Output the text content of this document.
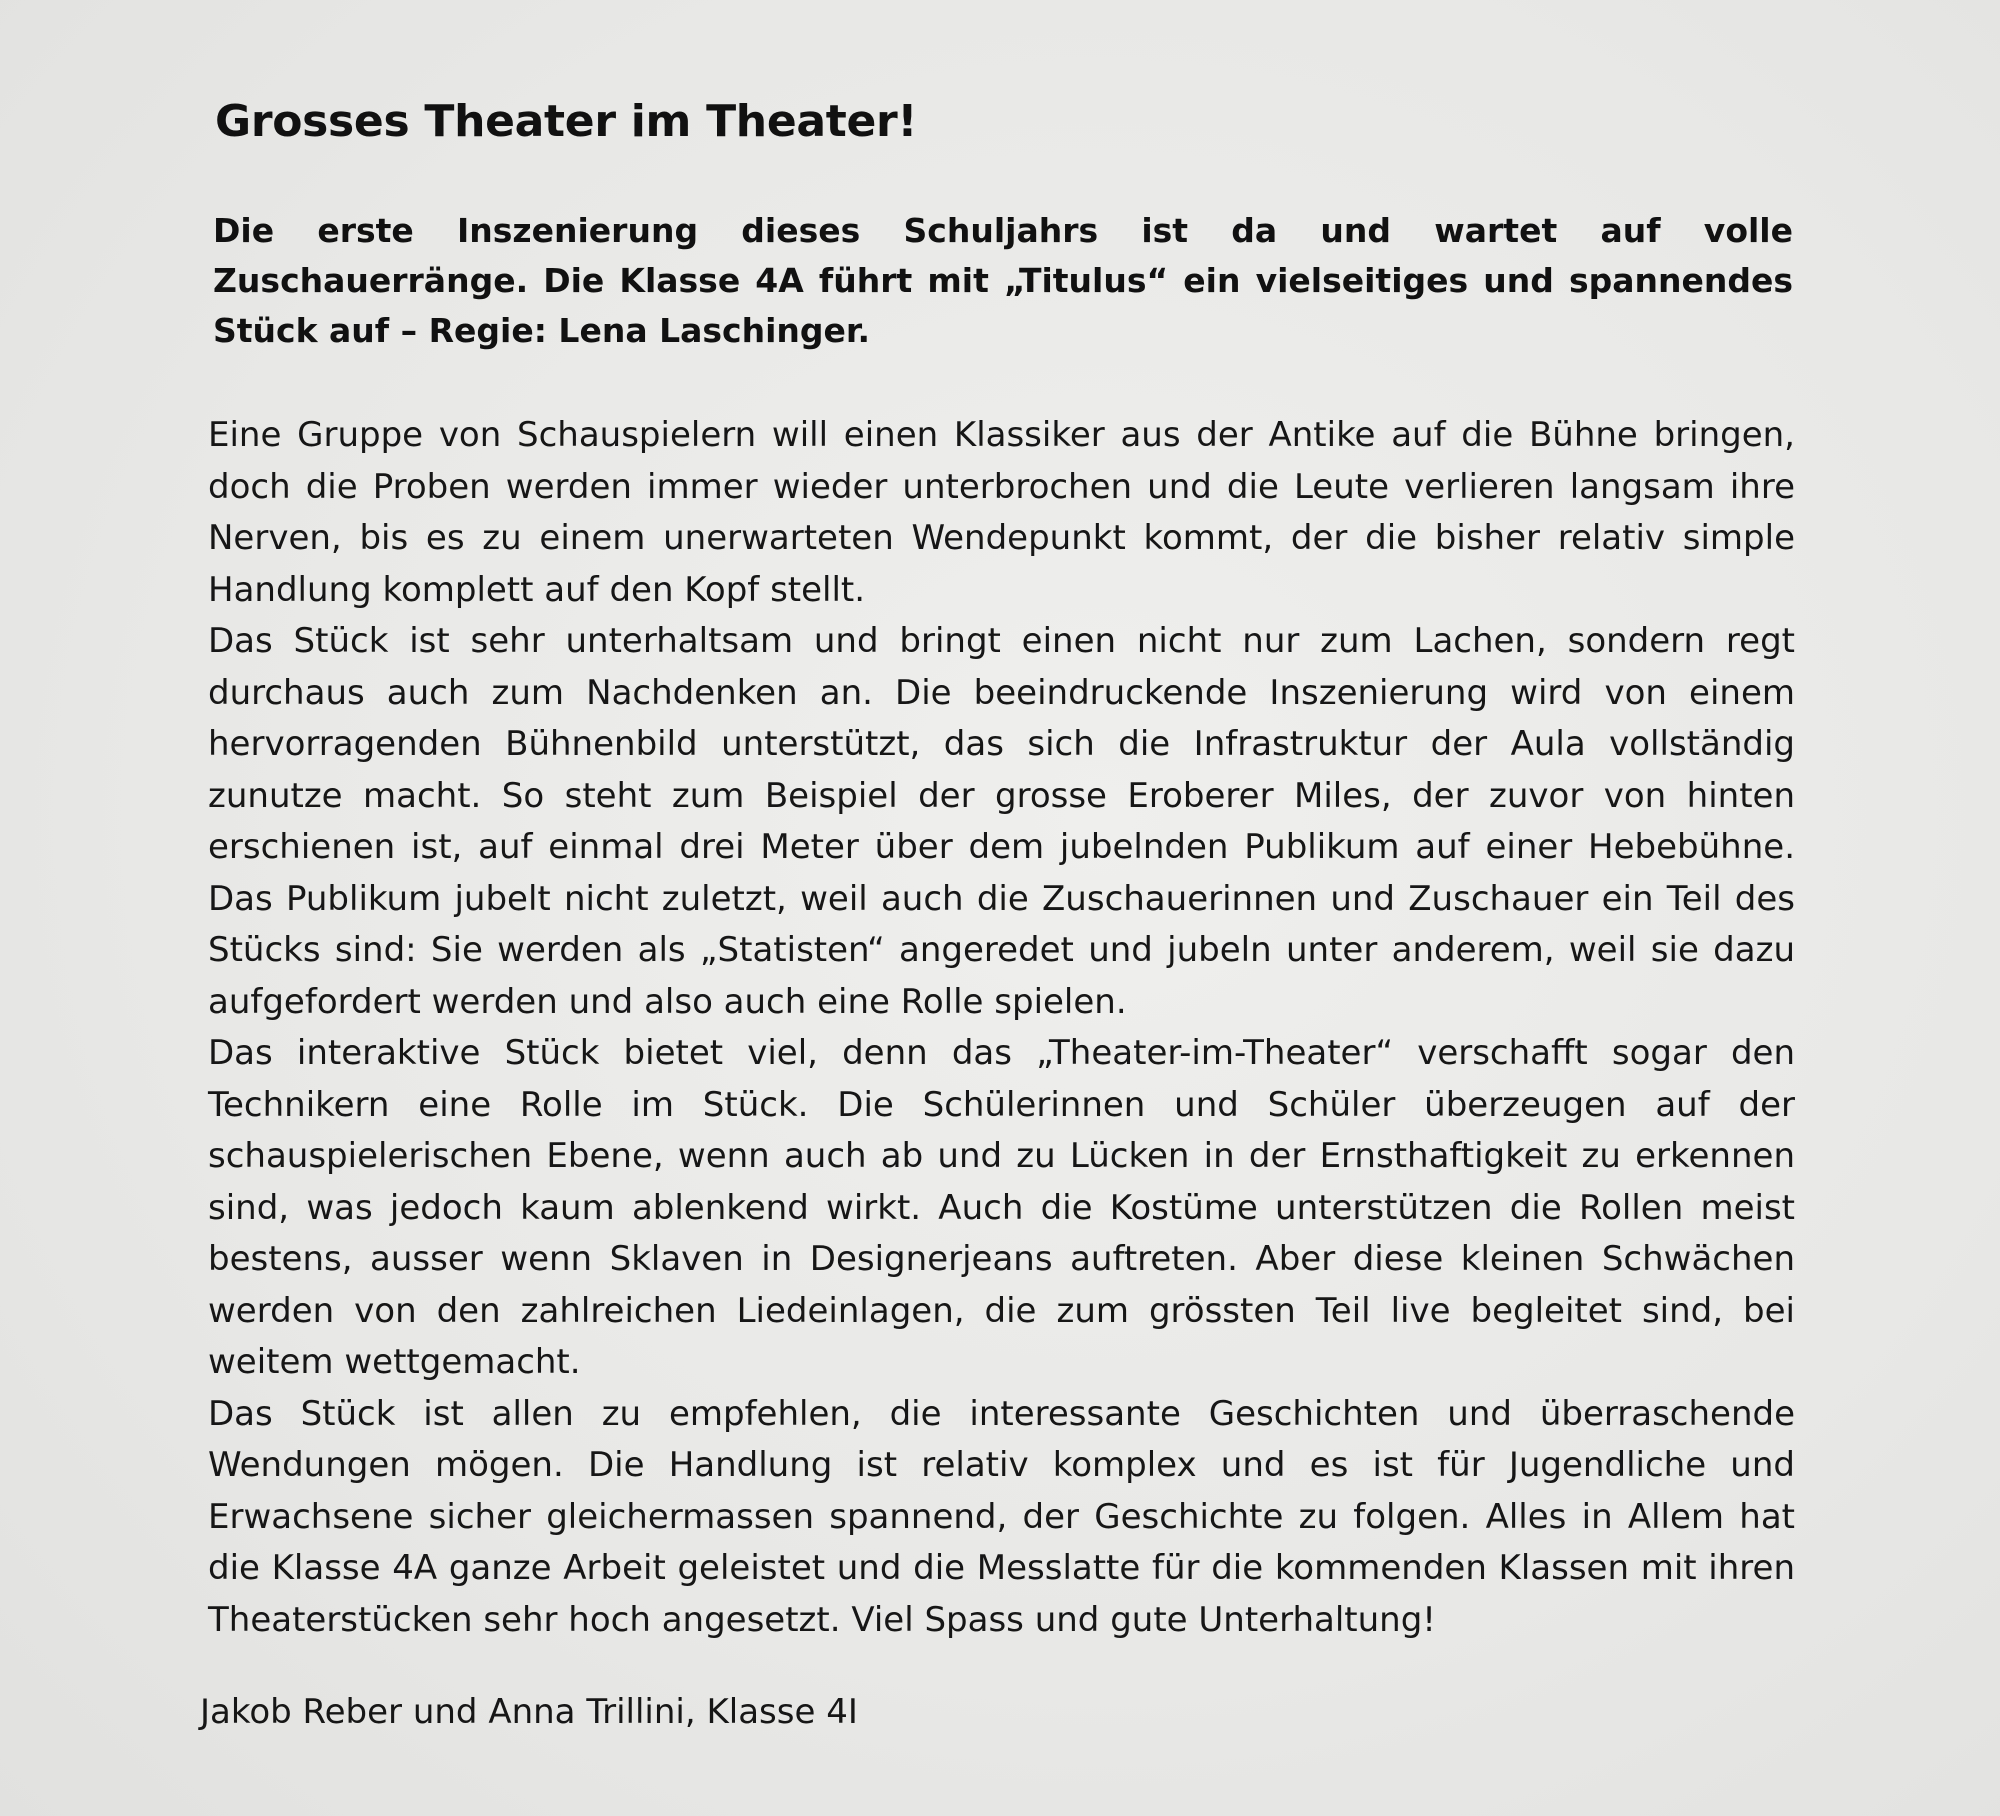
Grosses Theater im Theater!

Die erste Inszenierung dieses Schuljahrs ist da und wartet auf volle Zuschauerränge. Die Klasse 4A führt mit „Titulus“ ein vielseitiges und spannendes Stück auf – Regie: Lena Laschinger.

Eine Gruppe von Schauspielern will einen Klassiker aus der Antike auf die Bühne bringen, doch die Proben werden immer wieder unterbrochen und die Leute verlieren langsam ihre Nerven, bis es zu einem unerwarteten Wendepunkt kommt, der die bisher relativ simple Handlung komplett auf den Kopf stellt.

Das Stück ist sehr unterhaltsam und bringt einen nicht nur zum Lachen, sondern regt durchaus auch zum Nachdenken an. Die beeindruckende Inszenierung wird von einem hervorragenden Bühnenbild unterstützt, das sich die Infrastruktur der Aula vollständig zunutze macht. So steht zum Beispiel der grosse Eroberer Miles, der zuvor von hinten erschienen ist, auf einmal drei Meter über dem jubelnden Publikum auf einer Hebebühne. Das Publikum jubelt nicht zuletzt, weil auch die Zuschauerinnen und Zuschauer ein Teil des Stücks sind: Sie werden als „Statisten“ angeredet und jubeln unter anderem, weil sie dazu aufgefordert werden und also auch eine Rolle spielen.

Das interaktive Stück bietet viel, denn das „Theater-im-Theater“ verschafft sogar den Technikern eine Rolle im Stück. Die Schülerinnen und Schüler überzeugen auf der schauspielerischen Ebene, wenn auch ab und zu Lücken in der Ernsthaftigkeit zu erkennen sind, was jedoch kaum ablenkend wirkt. Auch die Kostüme unterstützen die Rollen meist bestens, ausser wenn Sklaven in Designerjeans auftreten. Aber diese kleinen Schwächen werden von den zahlreichen Liedeinlagen, die zum grössten Teil live begleitet sind, bei weitem wettgemacht.

Das Stück ist allen zu empfehlen, die interessante Geschichten und überraschende Wendungen mögen. Die Handlung ist relativ komplex und es ist für Jugendliche und Erwachsene sicher gleichermassen spannend, der Geschichte zu folgen. Alles in Allem hat die Klasse 4A ganze Arbeit geleistet und die Messlatte für die kommenden Klassen mit ihren Theaterstücken sehr hoch angesetzt. Viel Spass und gute Unterhaltung!

Jakob Reber und Anna Trillini, Klasse 4I
